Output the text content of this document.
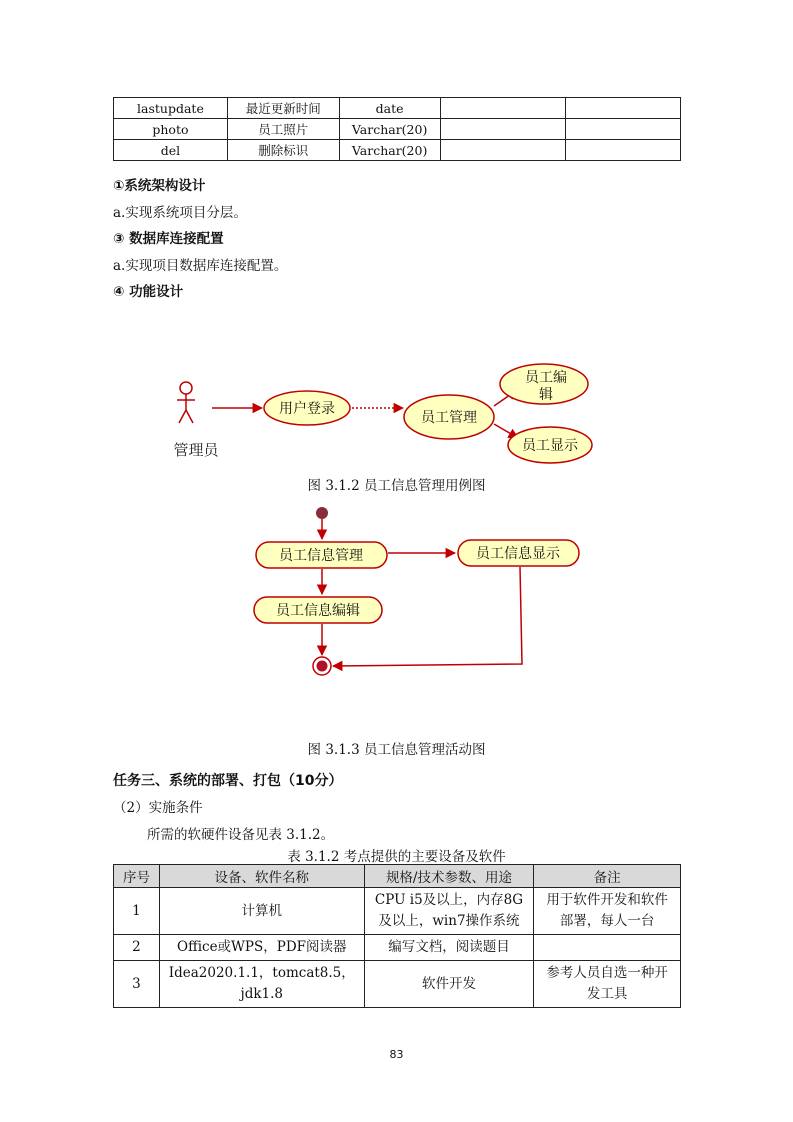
lastupdate	最近更新时间	date		
photo	员工照片	Varchar(20)		
del	删除标识	Varchar(20)		
①系统架构设计
a.实现系统项目分层。
③ 数据库连接配置
a.实现项目数据库连接配置。
④ 功能设计
管理员
用户登录
员工管理
员工编
辑
员工显示
图 3.1.2 员工信息管理用例图
员工信息管理	员工信息显示
员工信息编辑
图 3.1.3 员工信息管理活动图
任务三、系统的部署、打包（10分）
（2）实施条件
所需的软硬件设备见表 3.1.2。
表 3.1.2 考点提供的主要设备及软件
序号	设备、软件名称	规格/技术参数、用途	备注
1	计算机	CPU i5及以上，内存8G及以上，win7操作系统	用于软件开发和软件部署，每人一台
2	Office或WPS，PDF阅读器	编写文档，阅读题目	
3	Idea2020.1.1，tomcat8.5，jdk1.8	软件开发	参考人员自选一种开发工具
83
